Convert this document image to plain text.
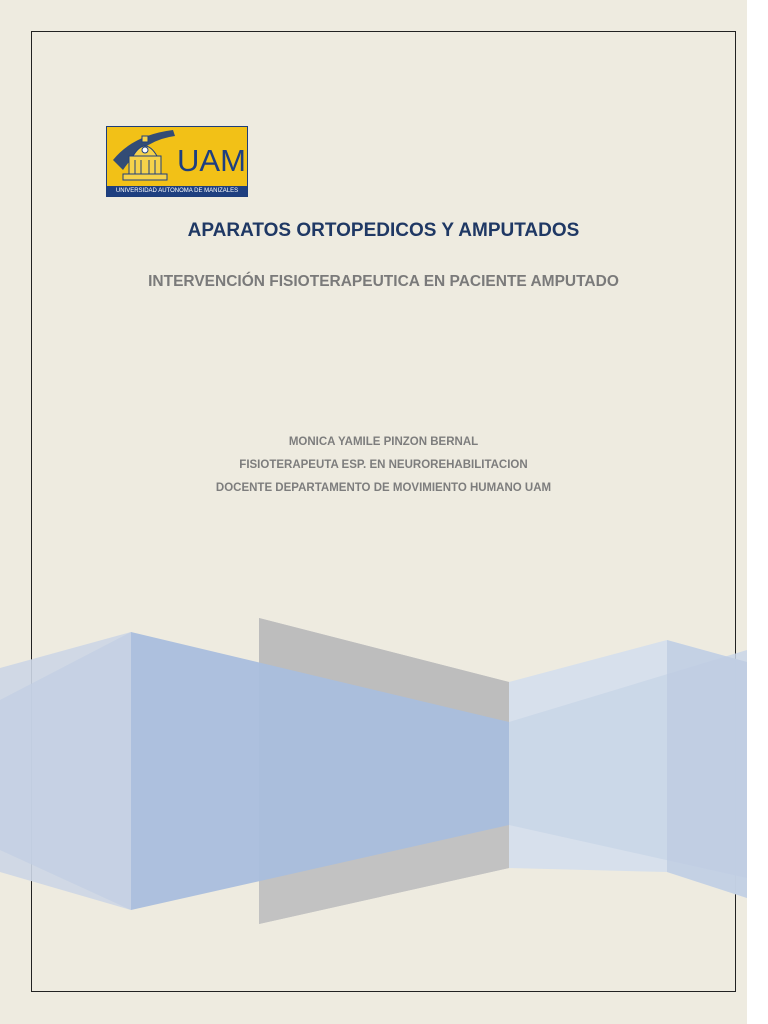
UAM
UNIVERSIDAD AUTONOMA DE MANIZALES
APARATOS ORTOPEDICOS Y AMPUTADOS
INTERVENCIÓN FISIOTERAPEUTICA EN PACIENTE AMPUTADO
MONICA YAMILE PINZON BERNAL
FISIOTERAPEUTA ESP. EN NEUROREHABILITACION
DOCENTE DEPARTAMENTO DE MOVIMIENTO HUMANO UAM
